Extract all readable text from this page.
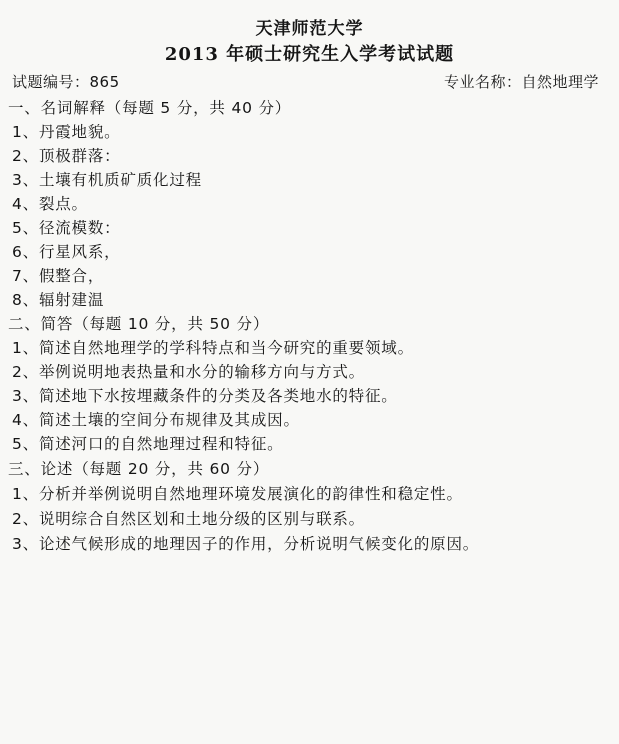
天津师范大学
2013 年硕士研究生入学考试试题
试题编号：865	专业名称：自然地理学
一、名词解释（每题 5 分，共 40 分）
1、丹霞地貌。
2、顶极群落：
3、土壤有机质矿质化过程
4、裂点。
5、径流模数：
6、行星风系，
7、假整合，
8、辐射建温
二、简答（每题 10 分，共 50 分）
1、简述自然地理学的学科特点和当今研究的重要领域。
2、举例说明地表热量和水分的输移方向与方式。
3、简述地下水按埋藏条件的分类及各类地水的特征。
4、简述土壤的空间分布规律及其成因。
5、简述河口的自然地理过程和特征。
三、论述（每题 20 分，共 60 分）
1、分析并举例说明自然地理环境发展演化的韵律性和稳定性。
2、说明综合自然区划和土地分级的区别与联系。
3、论述气候形成的地理因子的作用，分析说明气候变化的原因。
